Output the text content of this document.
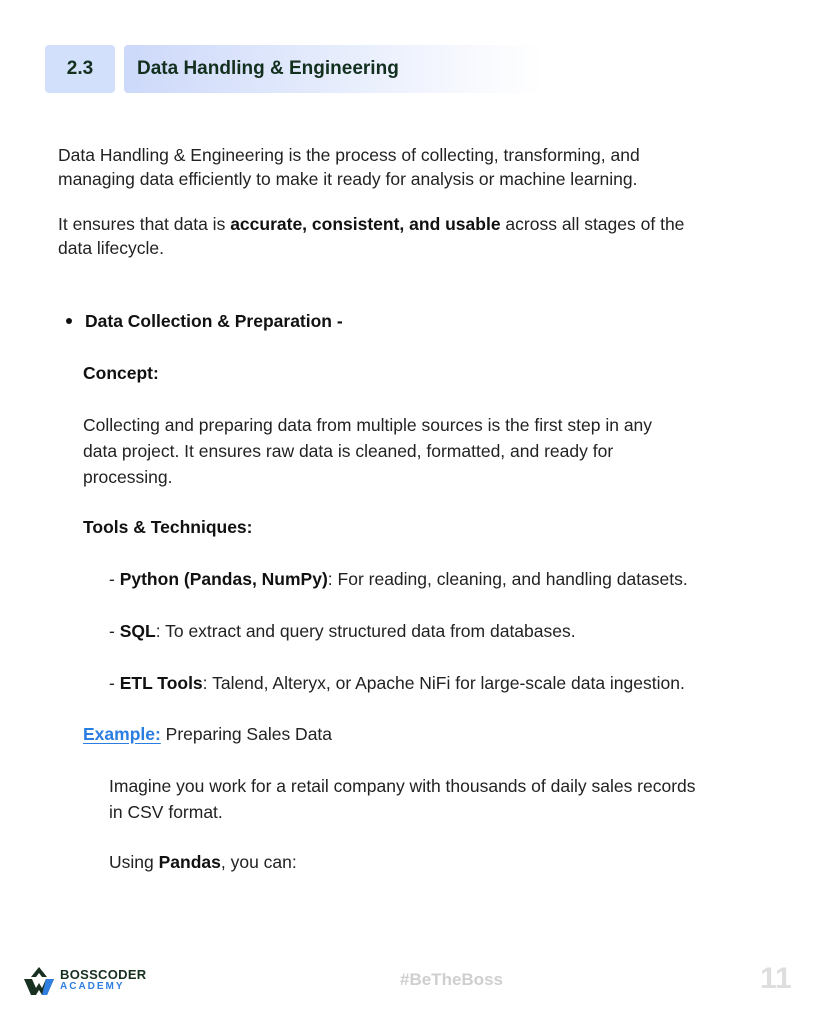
2.3	Data Handling & Engineering
Data Handling & Engineering is the process of collecting, transforming, and
managing data efficiently to make it ready for analysis or machine learning.
It ensures that data is accurate, consistent, and usable across all stages of the
data lifecycle.
Data Collection & Preparation -
Concept:
Collecting and preparing data from multiple sources is the first step in any
data project. It ensures raw data is cleaned, formatted, and ready for
processing.
Tools & Techniques:
- Python (Pandas, NumPy): For reading, cleaning, and handling datasets.
- SQL: To extract and query structured data from databases.
- ETL Tools: Talend, Alteryx, or Apache NiFi for large-scale data ingestion.
Example: Preparing Sales Data
Imagine you work for a retail company with thousands of daily sales records
in CSV format.
Using Pandas, you can:
BOSSCODER
ACADEMY	#BeTheBoss	11
